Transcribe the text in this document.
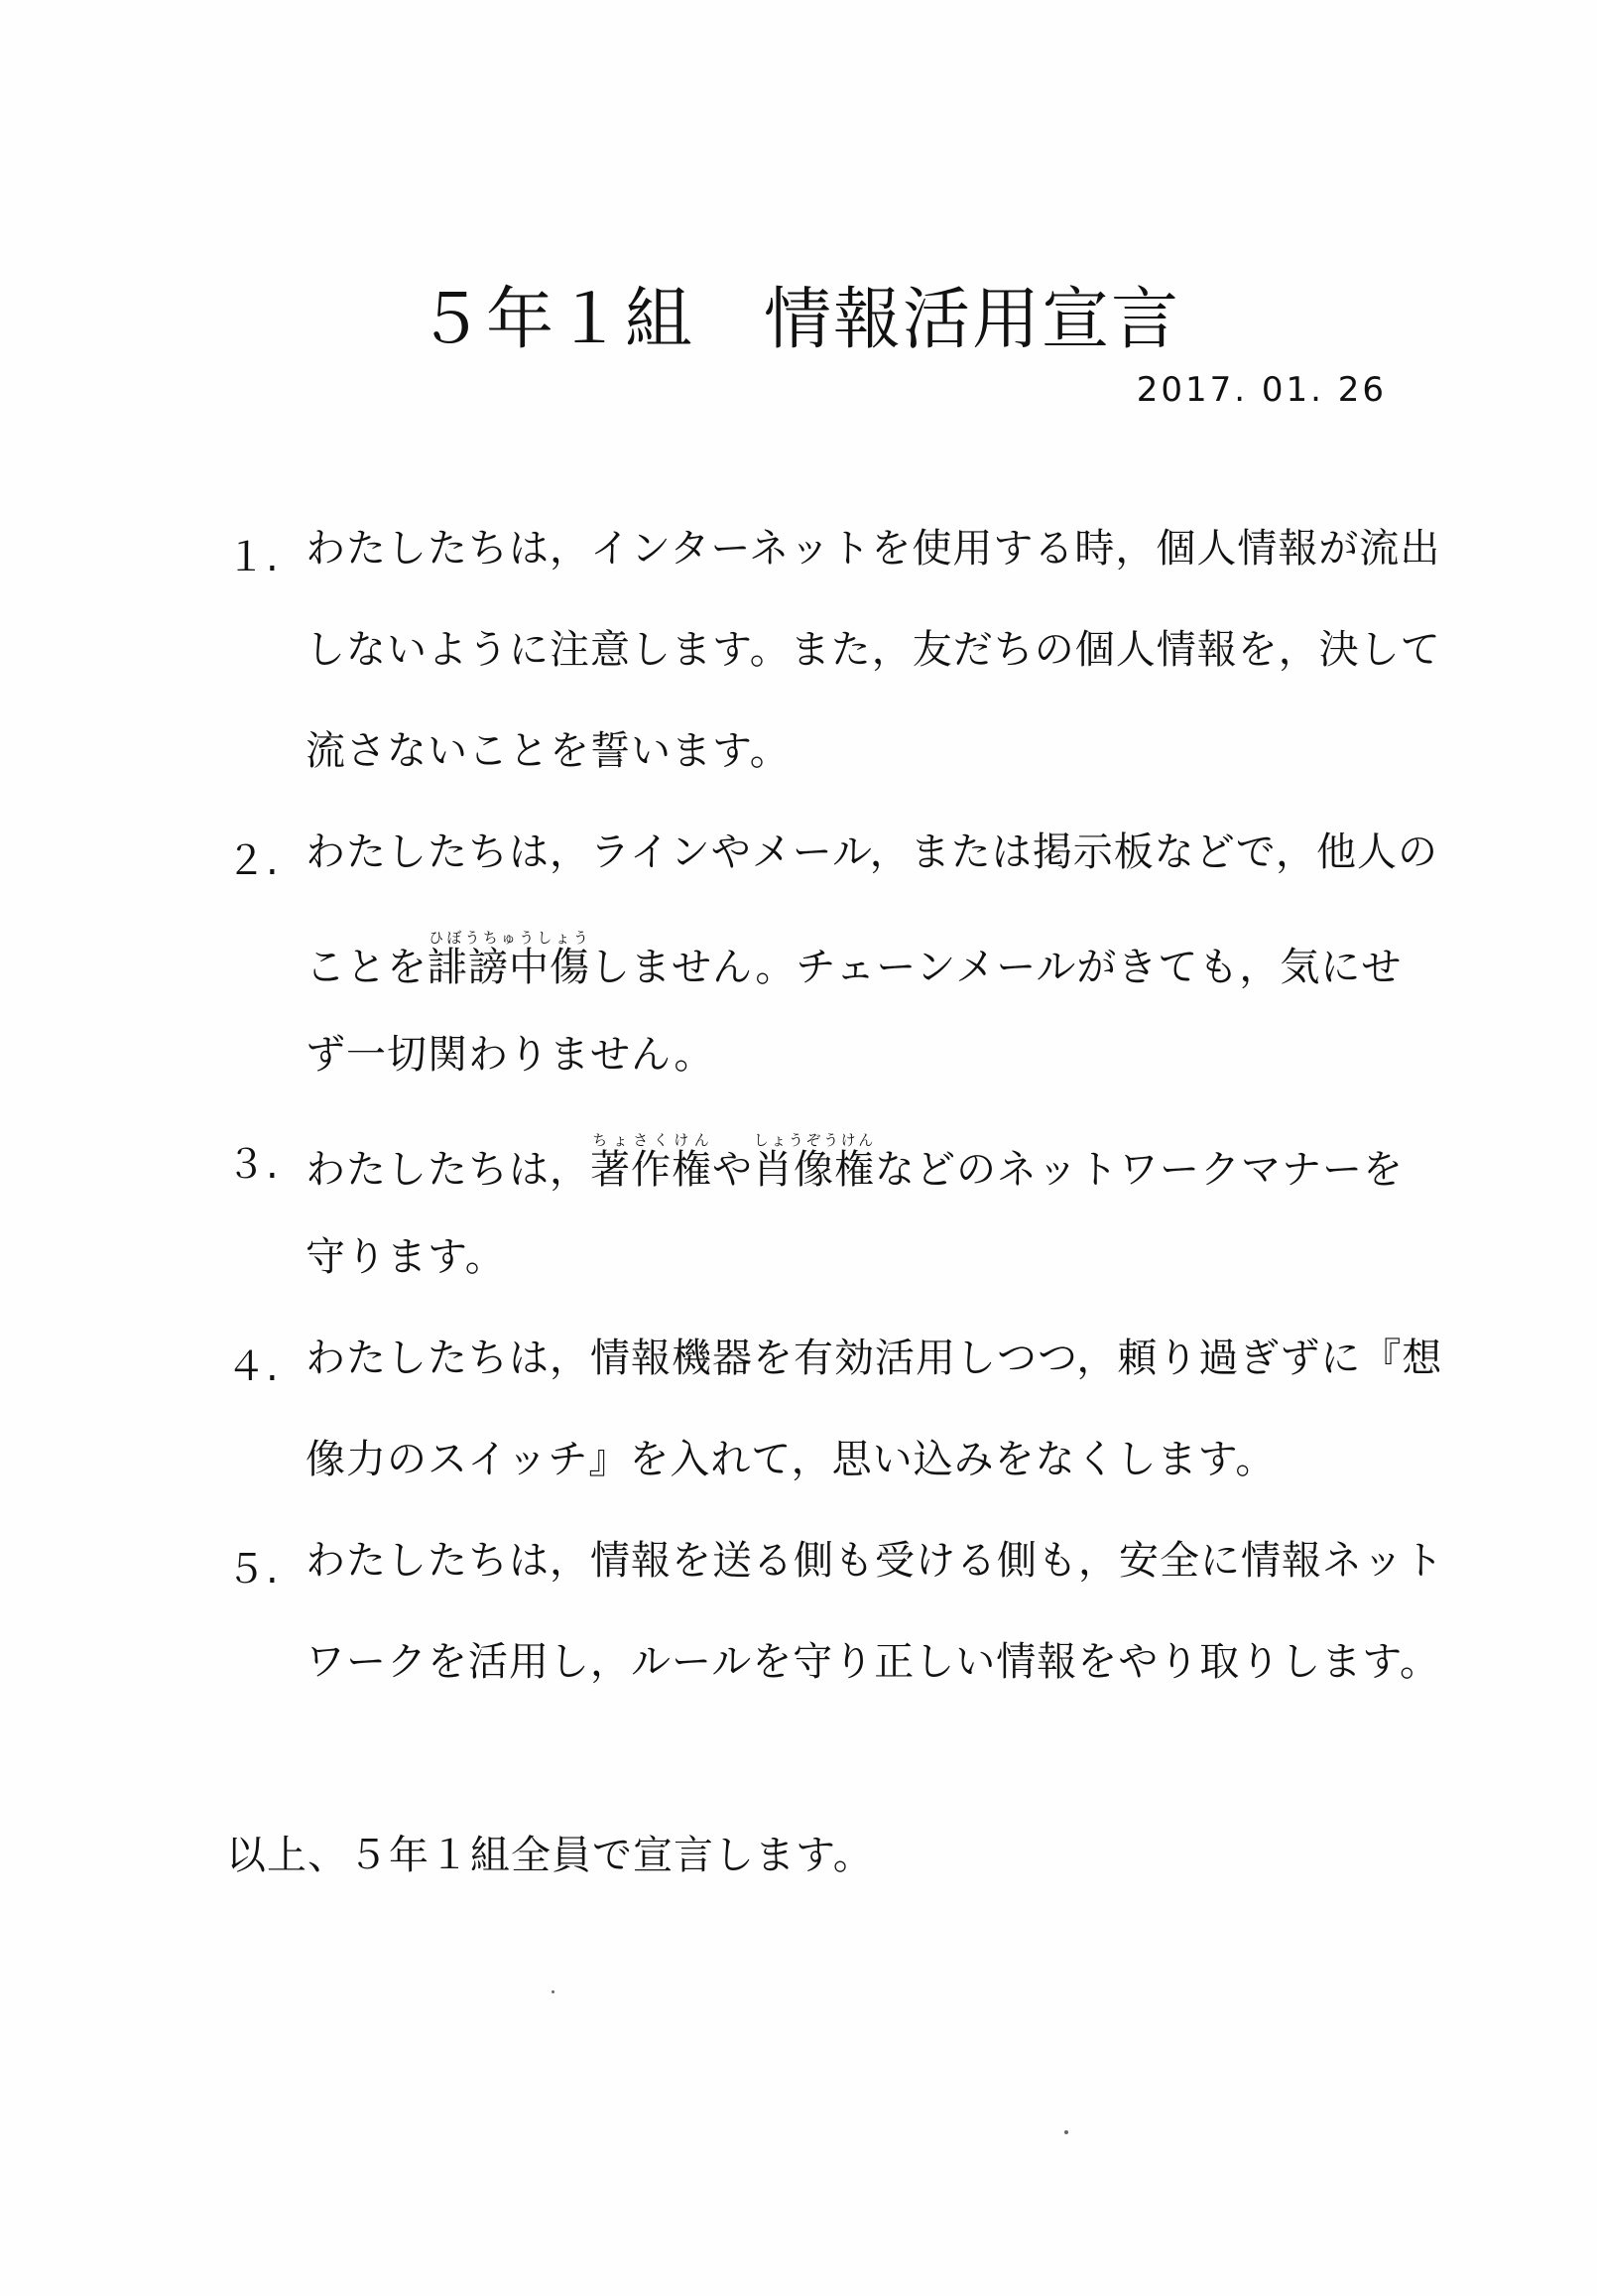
５年１組　情報活用宣言
2017. 01. 26
１. わたしたちは，インターネットを使用する時，個人情報が流出
しないように注意します。また，友だちの個人情報を，決して
流さないことを誓います。
２. わたしたちは，ラインやメール，または掲示板などで，他人の
ことを誹謗中傷ひぼうちゅうしょうしません。チェーンメールがきても，気にせ
ず一切関わりません。
３. わたしたちは，著作権ちょさくけんや肖像権しょうぞうけんなどのネットワークマナーを
守ります。
４. わたしたちは，情報機器を有効活用しつつ，頼り過ぎずに『想
像力のスイッチ』を入れて，思い込みをなくします。
５. わたしたちは，情報を送る側も受ける側も，安全に情報ネット
ワークを活用し，ルールを守り正しい情報をやり取りします。
以上、５年１組全員で宣言します。
